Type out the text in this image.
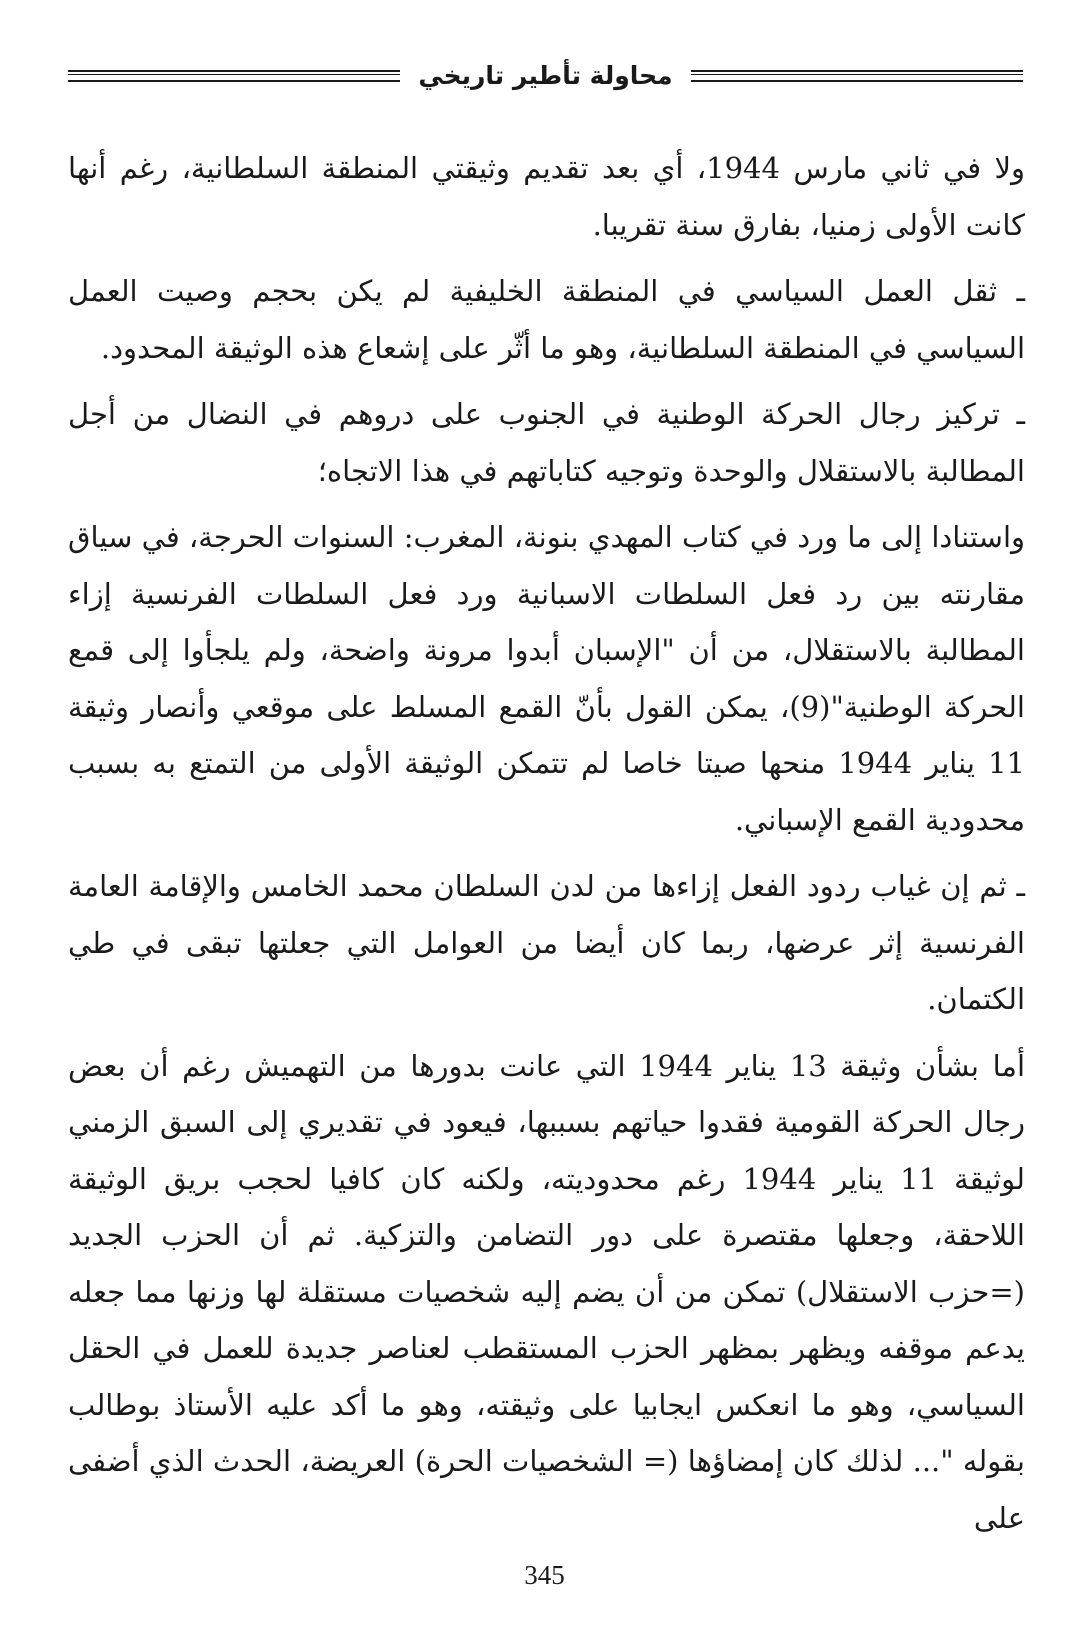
محاولة تأطير تاريخي

ولا في ثاني مارس 1944، أي بعد تقديم وثيقتي المنطقة السلطانية، رغم أنها كانت الأولى زمنيا، بفارق سنة تقريبا.

ـ ثقل العمل السياسي في المنطقة الخليفية لم يكن بحجم وصيت العمل السياسي في المنطقة السلطانية، وهو ما أثّر على إشعاع هذه الوثيقة المحدود.

ـ تركيز رجال الحركة الوطنية في الجنوب على دروهم في النضال من أجل المطالبة بالاستقلال والوحدة وتوجيه كتاباتهم في هذا الاتجاه؛

واستنادا إلى ما ورد في كتاب المهدي بنونة، المغرب: السنوات الحرجة، في سياق مقارنته بين رد فعل السلطات الاسبانية ورد فعل السلطات الفرنسية إزاء المطالبة بالاستقلال، من أن "الإسبان أبدوا مرونة واضحة، ولم يلجأوا إلى قمع الحركة الوطنية"(9)، يمكن القول بأنّ القمع المسلط على موقعي وأنصار وثيقة 11 يناير 1944 منحها صيتا خاصا لم تتمكن الوثيقة الأولى من التمتع به بسبب محدودية القمع الإسباني.

ـ ثم إن غياب ردود الفعل إزاءها من لدن السلطان محمد الخامس والإقامة العامة الفرنسية إثر عرضها، ربما كان أيضا من العوامل التي جعلتها تبقى في طي الكتمان.

أما بشأن وثيقة 13 يناير 1944 التي عانت بدورها من التهميش رغم أن بعض رجال الحركة القومية فقدوا حياتهم بسببها، فيعود في تقديري إلى السبق الزمني لوثيقة 11 يناير 1944 رغم محدوديته، ولكنه كان كافيا لحجب بريق الوثيقة اللاحقة، وجعلها مقتصرة على دور التضامن والتزكية. ثم أن الحزب الجديد (=حزب الاستقلال) تمكن من أن يضم إليه شخصيات مستقلة لها وزنها مما جعله يدعم موقفه ويظهر بمظهر الحزب المستقطب لعناصر جديدة للعمل في الحقل السياسي، وهو ما انعكس ايجابيا على وثيقته، وهو ما أكد عليه الأستاذ بوطالب بقوله "... لذلك كان إمضاؤها (= الشخصيات الحرة) العريضة، الحدث الذي أضفى على

345
